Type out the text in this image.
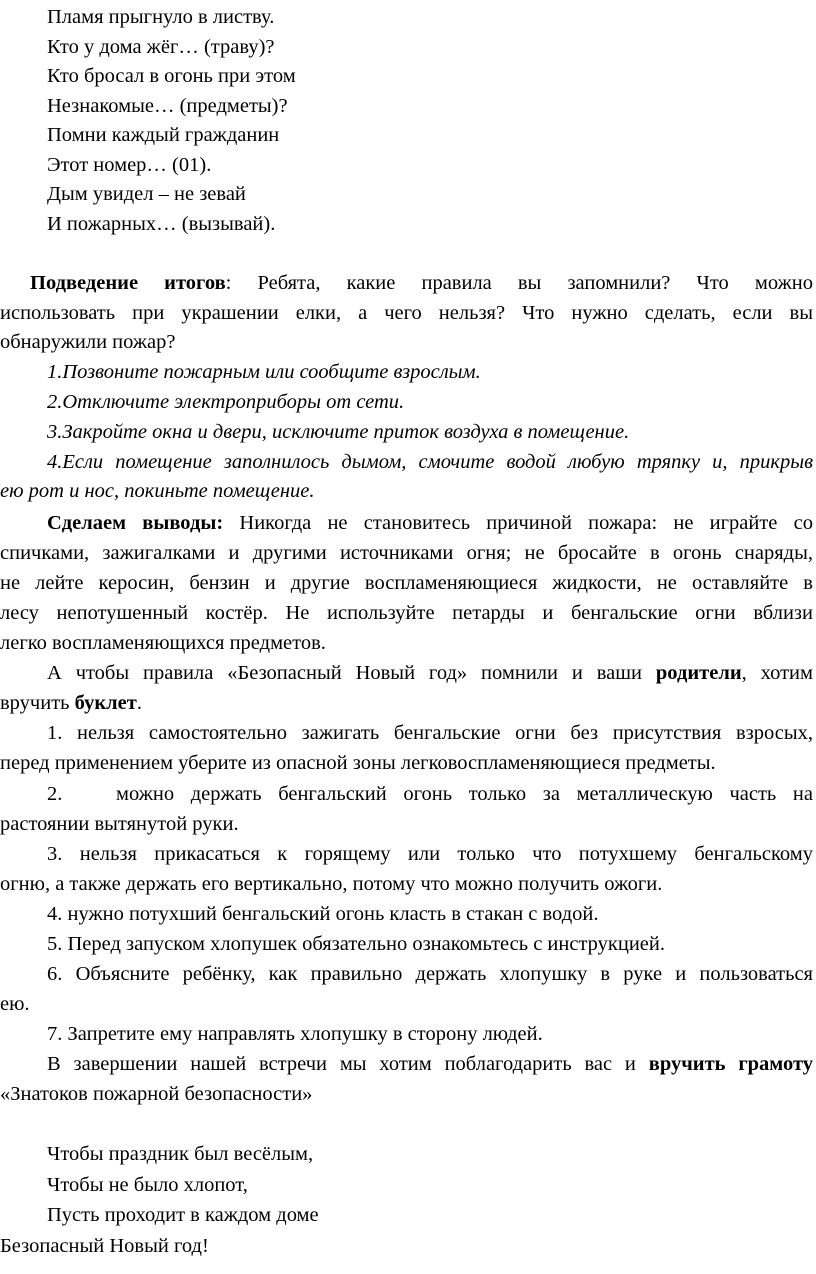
Пламя прыгнуло в листву.
Кто у дома жёг… (траву)?
Кто бросал в огонь при этом
Незнакомые… (предметы)?
Помни каждый гражданин
Этот номер… (01).
Дым увидел – не зевай
И пожарных… (вызывай).
Подведение итогов: Ребята, какие правила вы запомнили? Что можно
использовать при украшении елки, а чего нельзя? Что нужно сделать, если вы
обнаружили пожар?
1.Позвоните пожарным или сообщите взрослым.
2.Отключите электроприборы от сети.
3.Закройте окна и двери, исключите приток воздуха в помещение.
4.Если помещение заполнилось дымом, смочите водой любую тряпку и, прикрыв
ею рот и нос, покиньте помещение.
Сделаем выводы: Никогда не становитесь причиной пожара: не играйте со
спичками, зажигалками и другими источниками огня; не бросайте в огонь снаряды,
не лейте керосин, бензин и другие воспламеняющиеся жидкости, не оставляйте в
лесу непотушенный костёр. Не используйте петарды и бенгальские огни вблизи
легко воспламеняющихся предметов.
А чтобы правила «Безопасный Новый год» помнили и ваши родители, хотим
вручить буклет.
1. нельзя самостоятельно зажигать бенгальские огни без присутствия взросых,
перед применением уберите из опасной зоны легковоспламеняющиеся предметы.
2.	можно держать бенгальский огонь только за металлическую часть на
растоянии вытянутой руки.
3. нельзя прикасаться к горящему или только что потухшему бенгальскому
огню, а также держать его вертикально, потому что можно получить ожоги.
4. нужно потухший бенгальский огонь класть в стакан с водой.
5. Перед запуском хлопушек обязательно ознакомьтесь с инструкцией.
6. Объясните ребёнку, как правильно держать хлопушку в руке и пользоваться
ею.
7. Запретите ему направлять хлопушку в сторону людей.
В завершении нашей встречи мы хотим поблагодарить вас и вручить грамоту
«Знатоков пожарной безопасности»
Чтобы праздник был весёлым,
Чтобы не было хлопот,
Пусть проходит в каждом доме
Безопасный Новый год!
